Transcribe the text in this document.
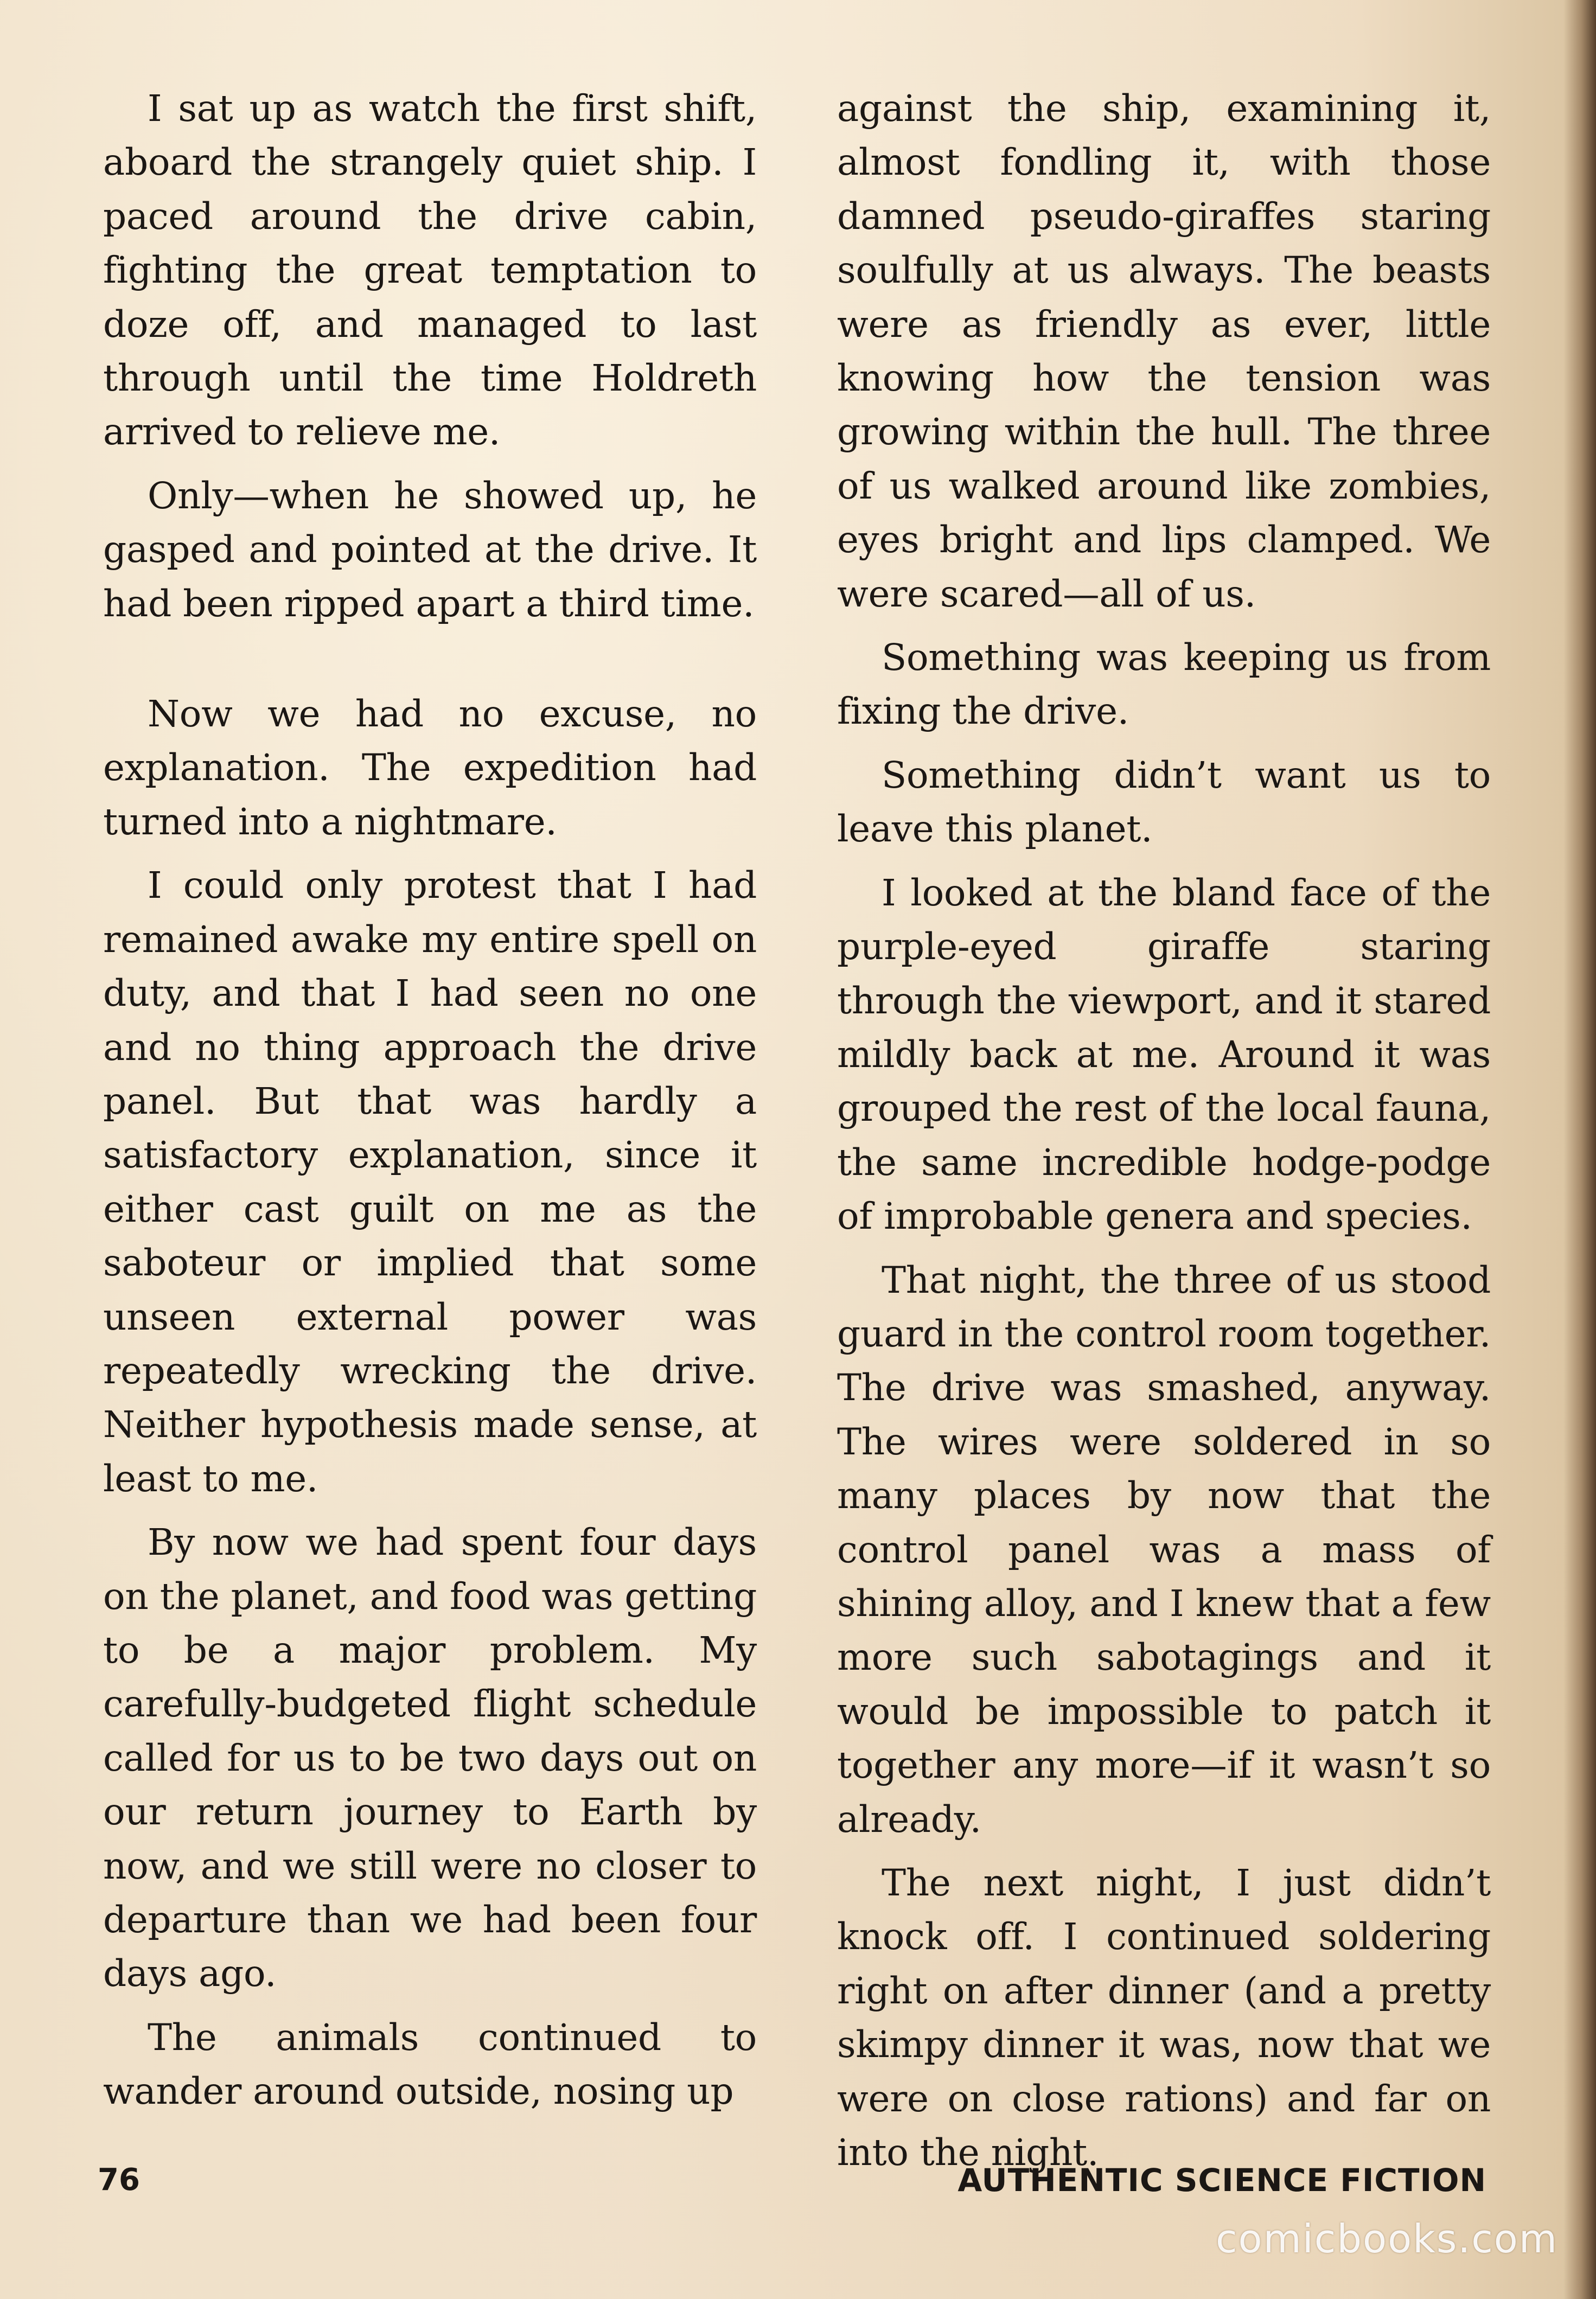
I sat up as watch the first shift, aboard the strangely quiet ship. I paced around the drive cabin, fighting the great temptation to doze off, and managed to last through until the time Holdreth arrived to relieve me.

Only—when he showed up, he gasped and pointed at the drive. It had been ripped apart a third time.

Now we had no excuse, no explanation. The expedition had turned into a nightmare.

I could only protest that I had remained awake my entire spell on duty, and that I had seen no one and no thing approach the drive panel. But that was hardly a satisfactory explanation, since it either cast guilt on me as the saboteur or implied that some unseen external power was repeatedly wrecking the drive. Neither hypothesis made sense, at least to me.

By now we had spent four days on the planet, and food was getting to be a major problem. My carefully-budgeted flight schedule called for us to be two days out on our return journey to Earth by now, and we still were no closer to departure than we had been four days ago.

The animals continued to wander around outside, nosing up

against the ship, examining it, almost fondling it, with those damned pseudo-giraffes staring soulfully at us always. The beasts were as friendly as ever, little knowing how the tension was growing within the hull. The three of us walked around like zombies, eyes bright and lips clamped. We were scared—all of us.

Something was keeping us from fixing the drive.

Something didn’t want us to leave this planet.

I looked at the bland face of the purple-eyed giraffe staring through the viewport, and it stared mildly back at me. Around it was grouped the rest of the local fauna, the same incredible hodge-podge of improbable genera and species.

That night, the three of us stood guard in the control room together. The drive was smashed, anyway. The wires were soldered in so many places by now that the control panel was a mass of shining alloy, and I knew that a few more such sabotagings and it would be impossible to patch it together any more—if it wasn’t so already.

The next night, I just didn’t knock off. I continued soldering right on after dinner (and a pretty skimpy dinner it was, now that we were on close rations) and far on into the night.

76	AUTHENTIC SCIENCE FICTION
comicbooks.com
